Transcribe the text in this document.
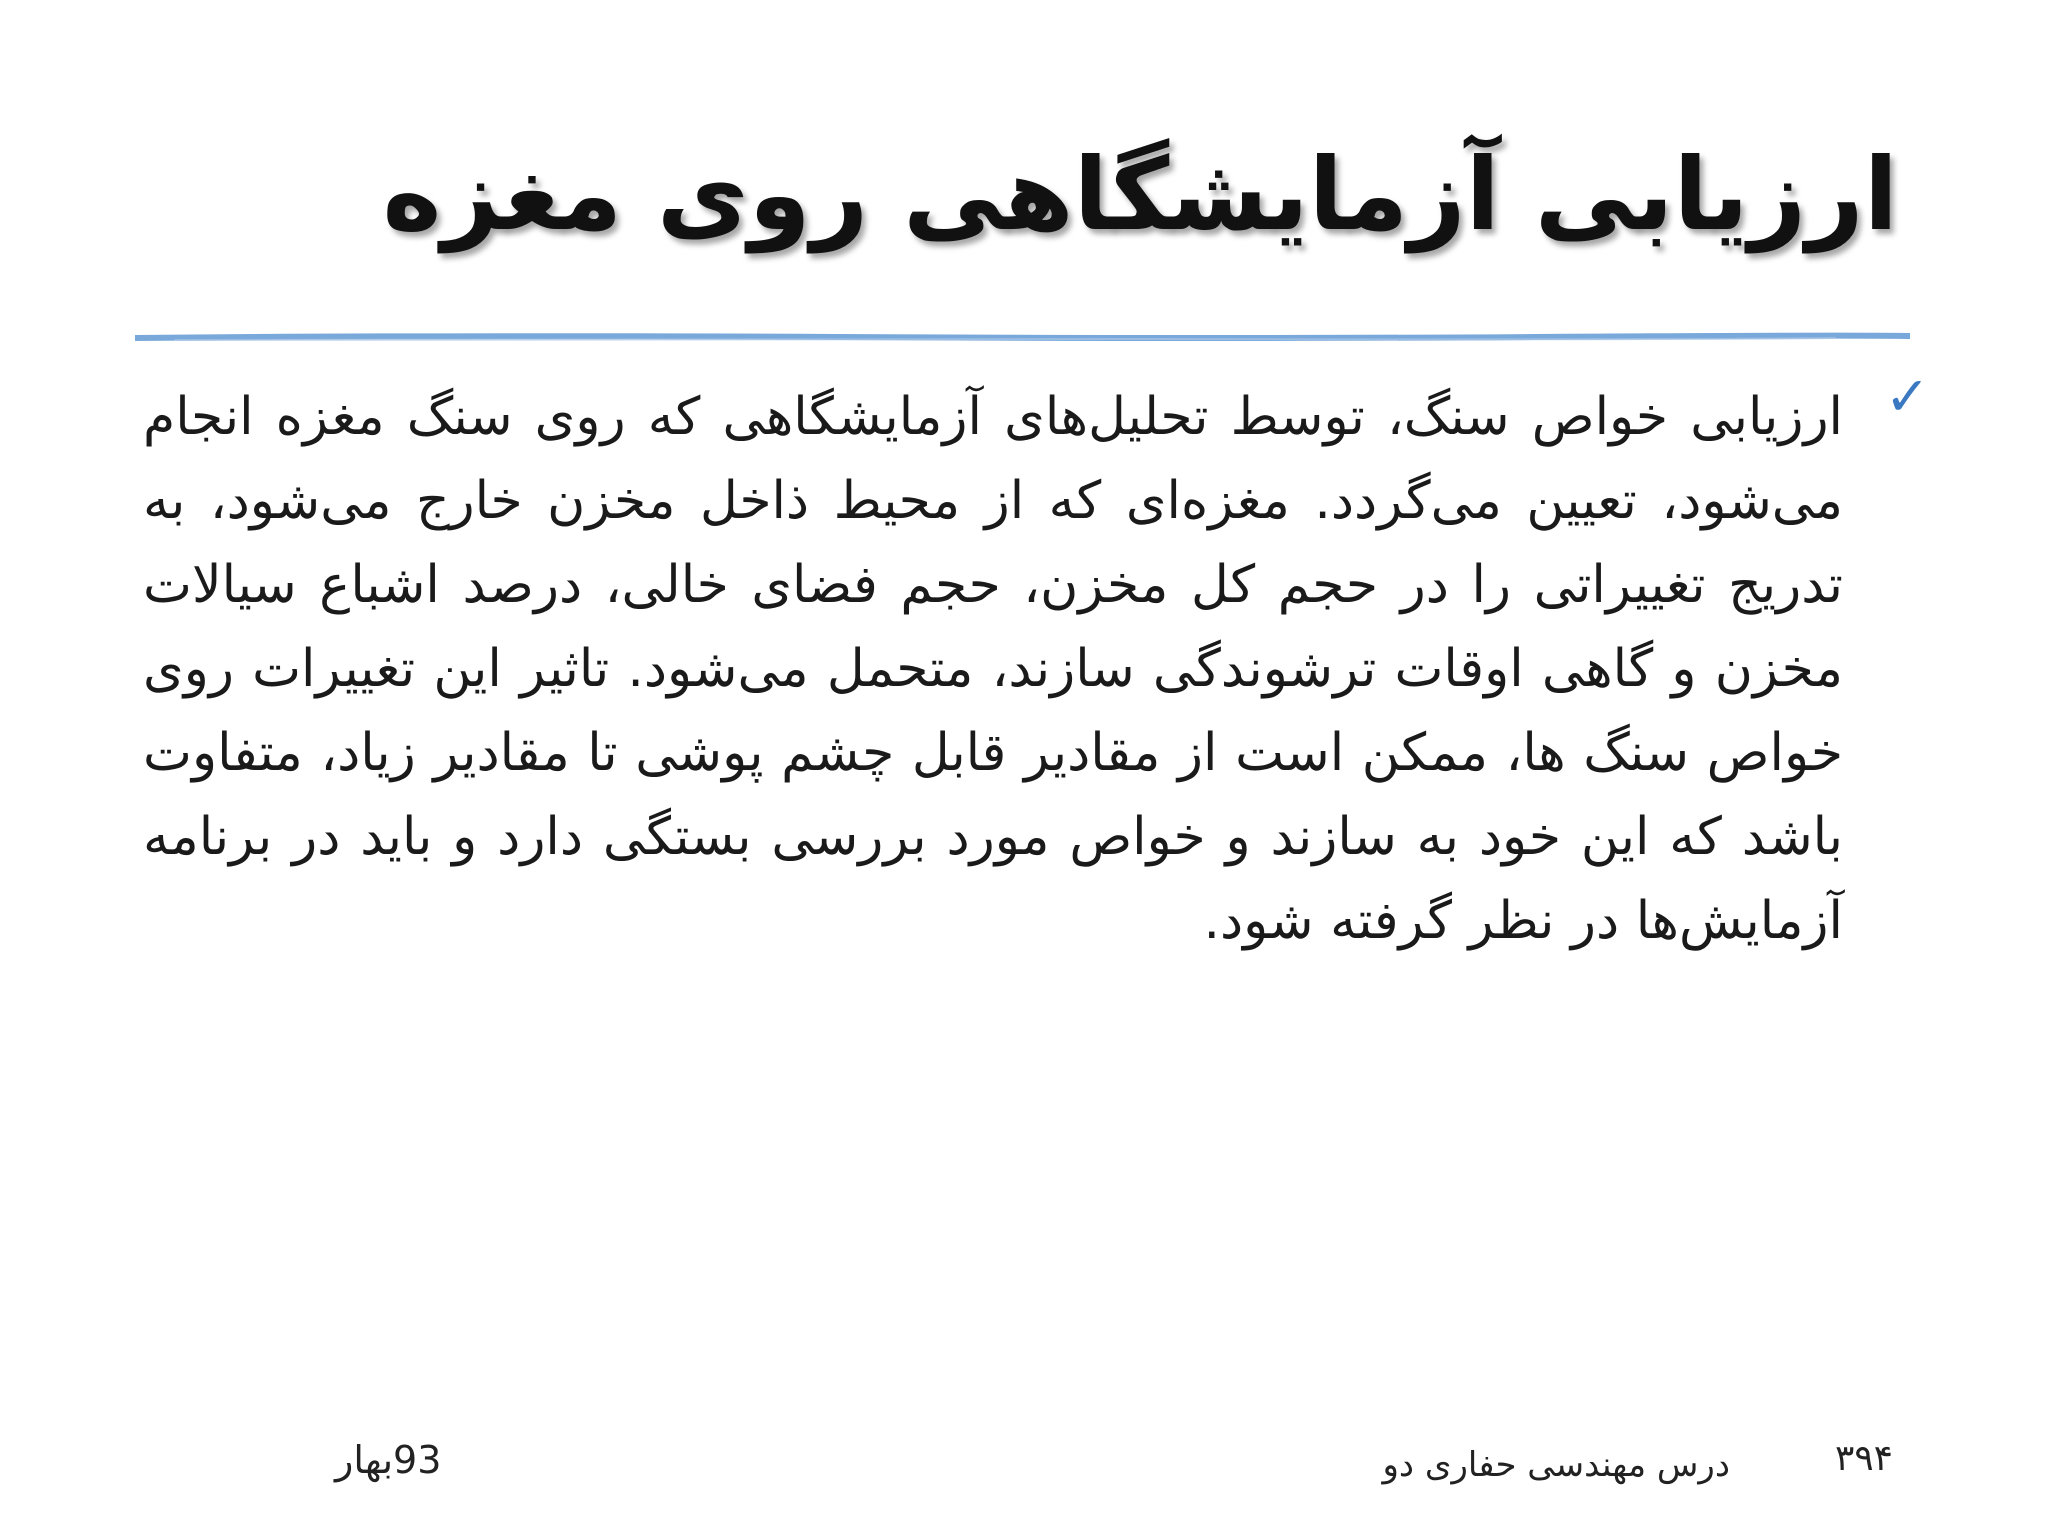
ارزیابی آزمایشگاهی روی مغزه
✓

ارزیابی خواص سنگ، توسط تحلیل‌های آزمایشگاهی که روی سنگ مغزه انجام می‌شود، تعیین می‌گردد. مغزه‌ای که از محیط ذاخل مخزن خارج می‌شود، به تدریج تغییراتی را در حجم کل مخزن، حجم فضای خالی، درصد اشباع سیالات مخزن و گاهی اوقات ترشوندگی سازند، متحمل می‌شود. تاثیر این تغییرات روی خواص سنگ ها، ممکن است از مقادیر قابل چشم پوشی تا مقادیر زیاد، متفاوت باشد که این خود به سازند و خواص مورد بررسی بستگی دارد و باید در برنامه آزمایش‌ها در نظر گرفته شود.

۳۹۴
درس مهندسی حفاری دو
93بهار
